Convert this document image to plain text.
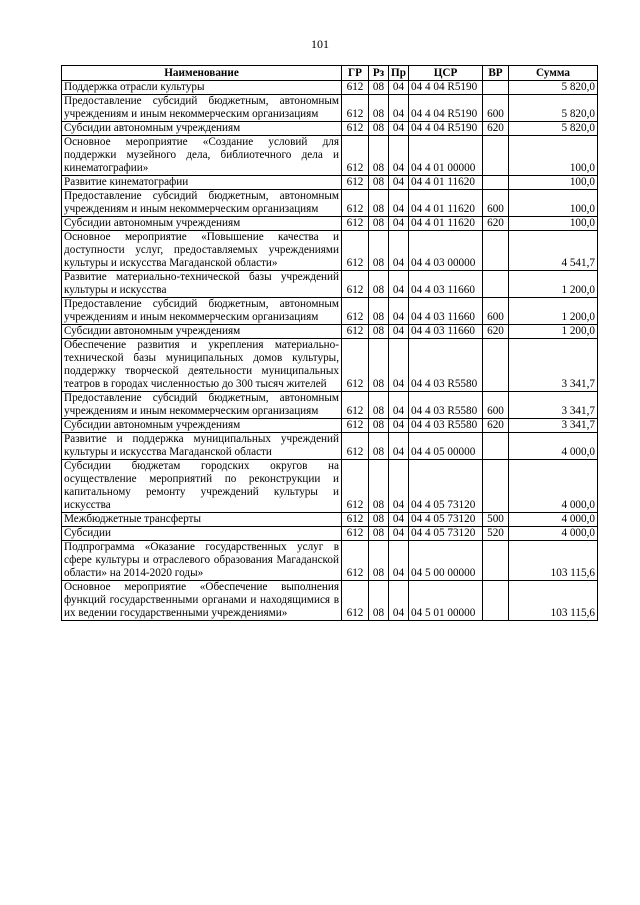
101
Наименование	ГР	Рз	Пр	ЦСР	ВР	Сумма
Поддержка отрасли культуры	612	08	04	04 4 04 R5190		5 820,0
Предоставление субсидий бюджетным, автономным учреждениям и иным некоммерческим организациям	612	08	04	04 4 04 R5190	600	5 820,0
Субсидии автономным учреждениям	612	08	04	04 4 04 R5190	620	5 820,0
Основное мероприятие «Создание условий для поддержки музейного дела, библиотечного дела и кинематографии»	612	08	04	04 4 01 00000		100,0
Развитие кинематографии	612	08	04	04 4 01 11620		100,0
Предоставление субсидий бюджетным, автономным учреждениям и иным некоммерческим организациям	612	08	04	04 4 01 11620	600	100,0
Субсидии автономным учреждениям	612	08	04	04 4 01 11620	620	100,0
Основное мероприятие «Повышение качества и доступности услуг, предоставляемых учреждениями культуры и искусства Магаданской области»	612	08	04	04 4 03 00000		4 541,7
Развитие материально-технической базы учреждений культуры и искусства	612	08	04	04 4 03 11660		1 200,0
Предоставление субсидий бюджетным, автономным учреждениям и иным некоммерческим организациям	612	08	04	04 4 03 11660	600	1 200,0
Субсидии автономным учреждениям	612	08	04	04 4 03 11660	620	1 200,0
Обеспечение развития и укрепления материально-технической базы муниципальных домов культуры, поддержку творческой деятельности муниципальных театров в городах численностью до 300 тысяч жителей	612	08	04	04 4 03 R5580		3 341,7
Предоставление субсидий бюджетным, автономным учреждениям и иным некоммерческим организациям	612	08	04	04 4 03 R5580	600	3 341,7
Субсидии автономным учреждениям	612	08	04	04 4 03 R5580	620	3 341,7
Развитие и поддержка муниципальных учреждений культуры и искусства Магаданской области	612	08	04	04 4 05 00000		4 000,0
Субсидии бюджетам городских округов на осуществление мероприятий по реконструкции и капитальному ремонту учреждений культуры и искусства	612	08	04	04 4 05 73120		4 000,0
Межбюджетные трансферты	612	08	04	04 4 05 73120	500	4 000,0
Субсидии	612	08	04	04 4 05 73120	520	4 000,0
Подпрограмма «Оказание государственных услуг в сфере культуры и отраслевого образования Магаданской области» на 2014-2020 годы»	612	08	04	04 5 00 00000		103 115,6
Основное мероприятие «Обеспечение выполнения функций государственными органами и находящимися в их ведении государственными учреждениями»	612	08	04	04 5 01 00000		103 115,6
